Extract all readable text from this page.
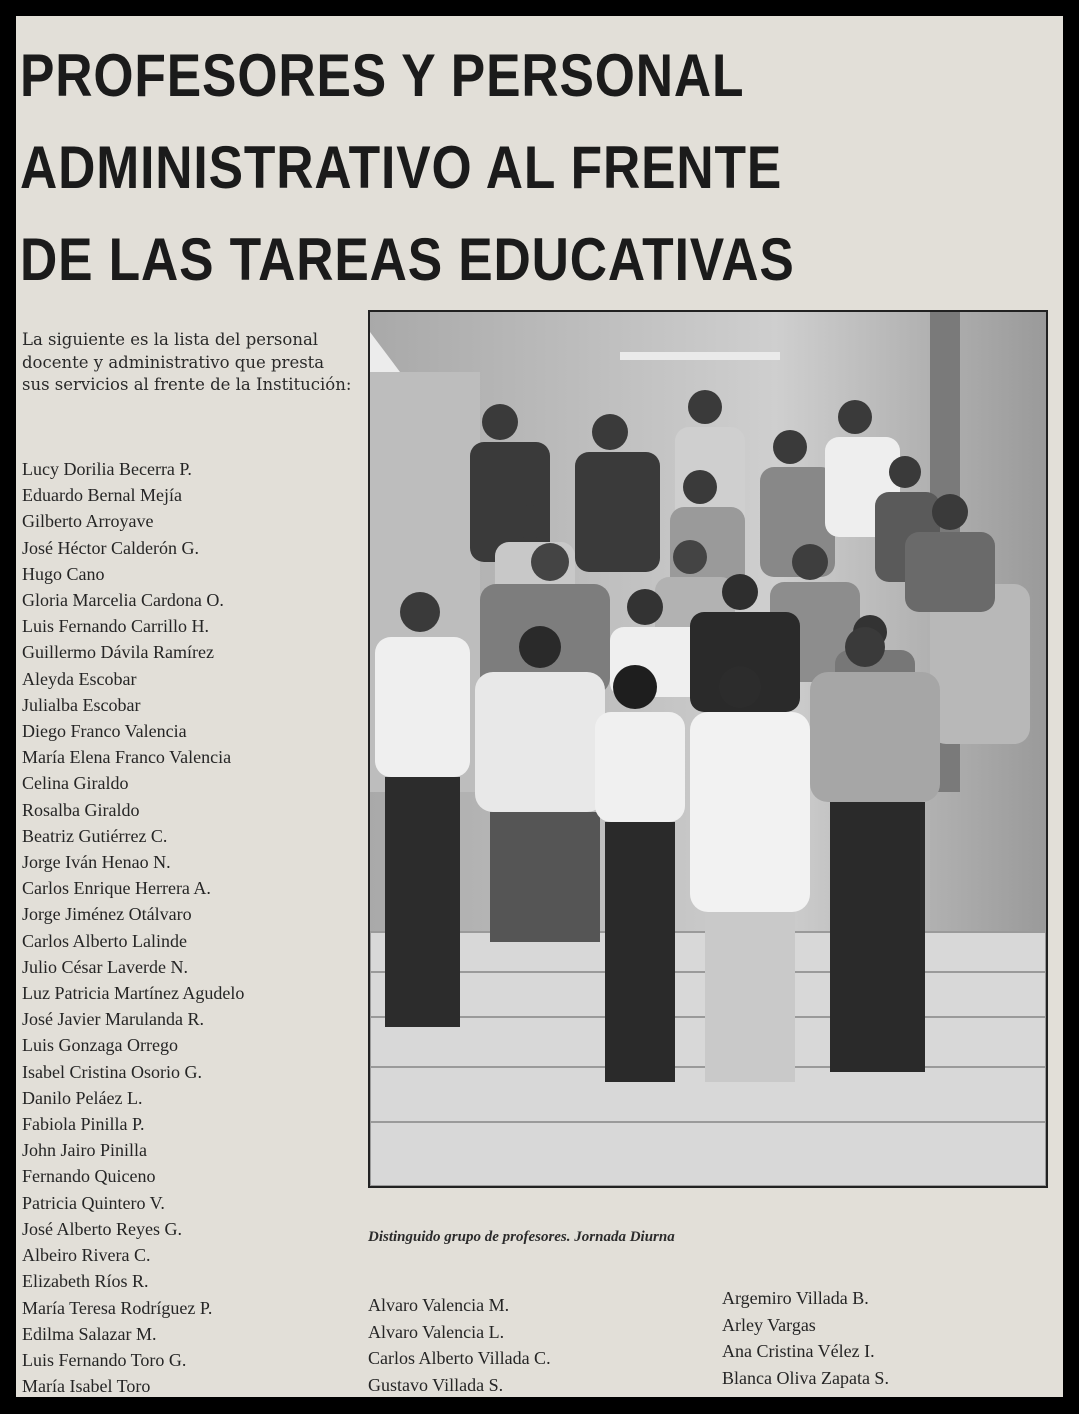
PROFESORES Y PERSONAL
ADMINISTRATIVO AL FRENTE
DE LAS TAREAS EDUCATIVAS

La siguiente es la lista del personal docente y administrativo que presta sus servicios al frente de la Institución:

Lucy Dorilia Becerra P.
Eduardo Bernal Mejía
Gilberto Arroyave
José Héctor Calderón G.
Hugo Cano
Gloria Marcelia Cardona O.
Luis Fernando Carrillo H.
Guillermo Dávila Ramírez
Aleyda Escobar
Julialba Escobar
Diego Franco Valencia
María Elena Franco Valencia
Celina Giraldo
Rosalba Giraldo
Beatriz Gutiérrez C.
Jorge Iván Henao N.
Carlos Enrique Herrera A.
Jorge Jiménez Otálvaro
Carlos Alberto Lalinde
Julio César Laverde N.
Luz Patricia Martínez Agudelo
José Javier Marulanda R.
Luis Gonzaga Orrego
Isabel Cristina Osorio G.
Danilo Peláez L.
Fabiola Pinilla P.
John Jairo Pinilla
Fernando Quiceno
Patricia Quintero V.
José Alberto Reyes G.
Albeiro Rivera C.
Elizabeth Ríos R.
María Teresa Rodríguez P.
Edilma Salazar M.
Luis Fernando Toro G.
María Isabel Toro
Distinguido grupo de profesores. Jornada Diurna
Alvaro Valencia M.
Alvaro Valencia L.
Carlos Alberto Villada C.
Gustavo Villada S.
Argemiro Villada B.
Arley Vargas
Ana Cristina Vélez I.
Blanca Oliva Zapata S.
